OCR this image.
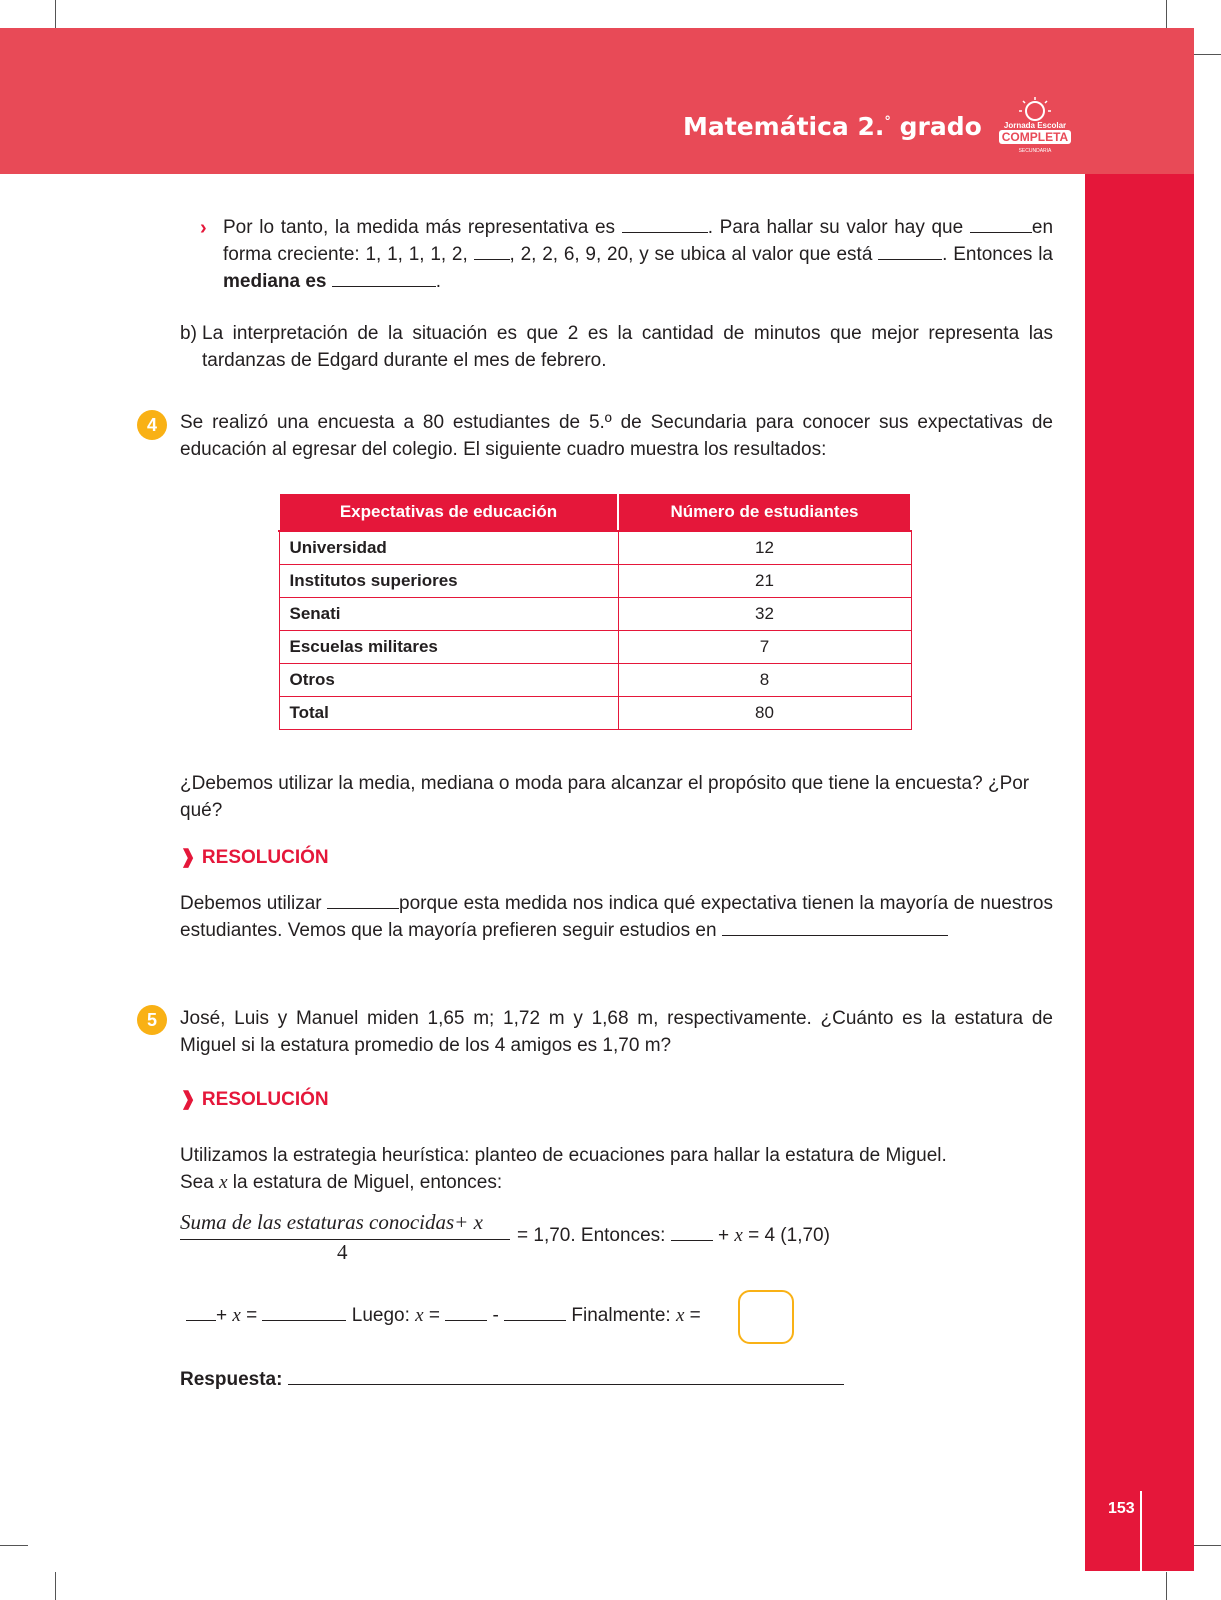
Matemática 2.° grado	Jornada Escolar
COMPLETA
SECUNDARIA
153
› Por lo tanto, la medida más representativa es	. Para hallar su valor hay que	en forma creciente: 1, 1, 1, 1, 2, , 2, 2, 6, 9, 20, y se ubica al valor que está	. Entonces la mediana es	.
b) La interpretación de la situación es que 2 es la cantidad de minutos que mejor representa las tardanzas de Edgard durante el mes de febrero.
4	Se realizó una encuesta a 80 estudiantes de 5.º de Secundaria para conocer sus expectativas de educación al egresar del colegio. El siguiente cuadro muestra los resultados:
Expectativas de educación	Número de estudiantes
Universidad	12
Institutos superiores	21
Senati	32
Escuelas militares	7
Otros	8
Total	80
¿Debemos utilizar la media, mediana o moda para alcanzar el propósito que tiene la encuesta? ¿Por qué?
❱ RESOLUCIÓN
Debemos utilizar	porque esta medida nos indica qué expectativa tienen la mayoría de nuestros estudiantes. Vemos que la mayoría prefieren seguir estudios en
5	José, Luis y Manuel miden 1,65 m; 1,72 m y 1,68 m, respectivamente. ¿Cuánto es la estatura de Miguel si la estatura promedio de los 4 amigos es 1,70 m?
❱ RESOLUCIÓN
Utilizamos la estrategia heurística: planteo de ecuaciones para hallar la estatura de Miguel.
Sea x la estatura de Miguel, entonces:
Suma de las estaturas conocidas+ x
4
= 1,70. Entonces:  + x = 4 (1,70)
+ x =	Luego: x =  -	Finalmente: x =
Respuesta:
